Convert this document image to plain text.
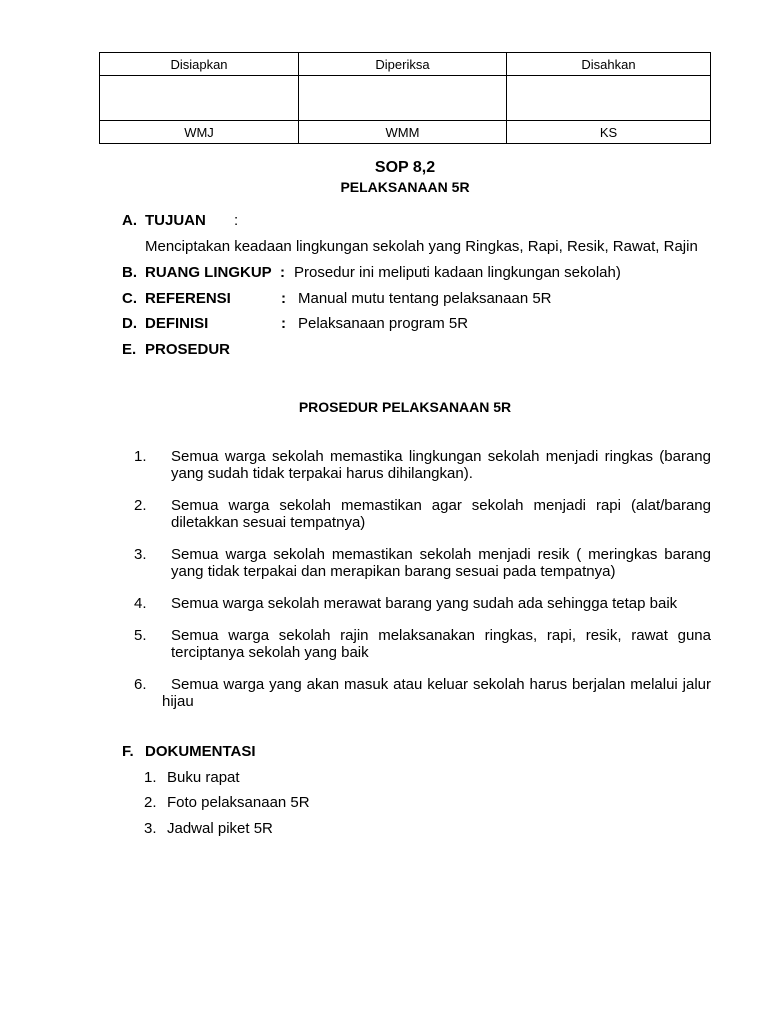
Disiapkan	Diperiksa	Disahkan

WMJ	WMM	KS
SOP 8,2
PELAKSANAAN 5R
A. TUJUAN :
Menciptakan keadaan lingkungan sekolah yang Ringkas, Rapi, Resik, Rawat, Rajin
B. RUANG LINGKUP : Prosedur ini meliputi kadaan lingkungan sekolah)
C. REFERENSI	: Manual mutu tentang pelaksanaan 5R
D. DEFINISI	: Pelaksanaan program 5R
E. PROSEDUR
PROSEDUR PELAKSANAAN 5R
1. Semua warga sekolah memastika lingkungan sekolah menjadi ringkas (barang yang sudah tidak terpakai harus dihilangkan).
2. Semua warga sekolah memastikan agar sekolah menjadi rapi (alat/barang diletakkan sesuai tempatnya)
3. Semua warga sekolah memastikan sekolah menjadi resik ( meringkas barang yang tidak terpakai dan merapikan barang sesuai pada tempatnya)
4. Semua warga sekolah merawat barang yang sudah ada sehingga tetap baik
5. Semua warga sekolah rajin melaksanakan ringkas, rapi, resik, rawat guna terciptanya sekolah yang baik
6.	Semua warga yang akan masuk atau keluar sekolah harus berjalan melalui jalur hijau
F. DOKUMENTASI
1. Buku rapat
2. Foto pelaksanaan 5R
3. Jadwal piket 5R
